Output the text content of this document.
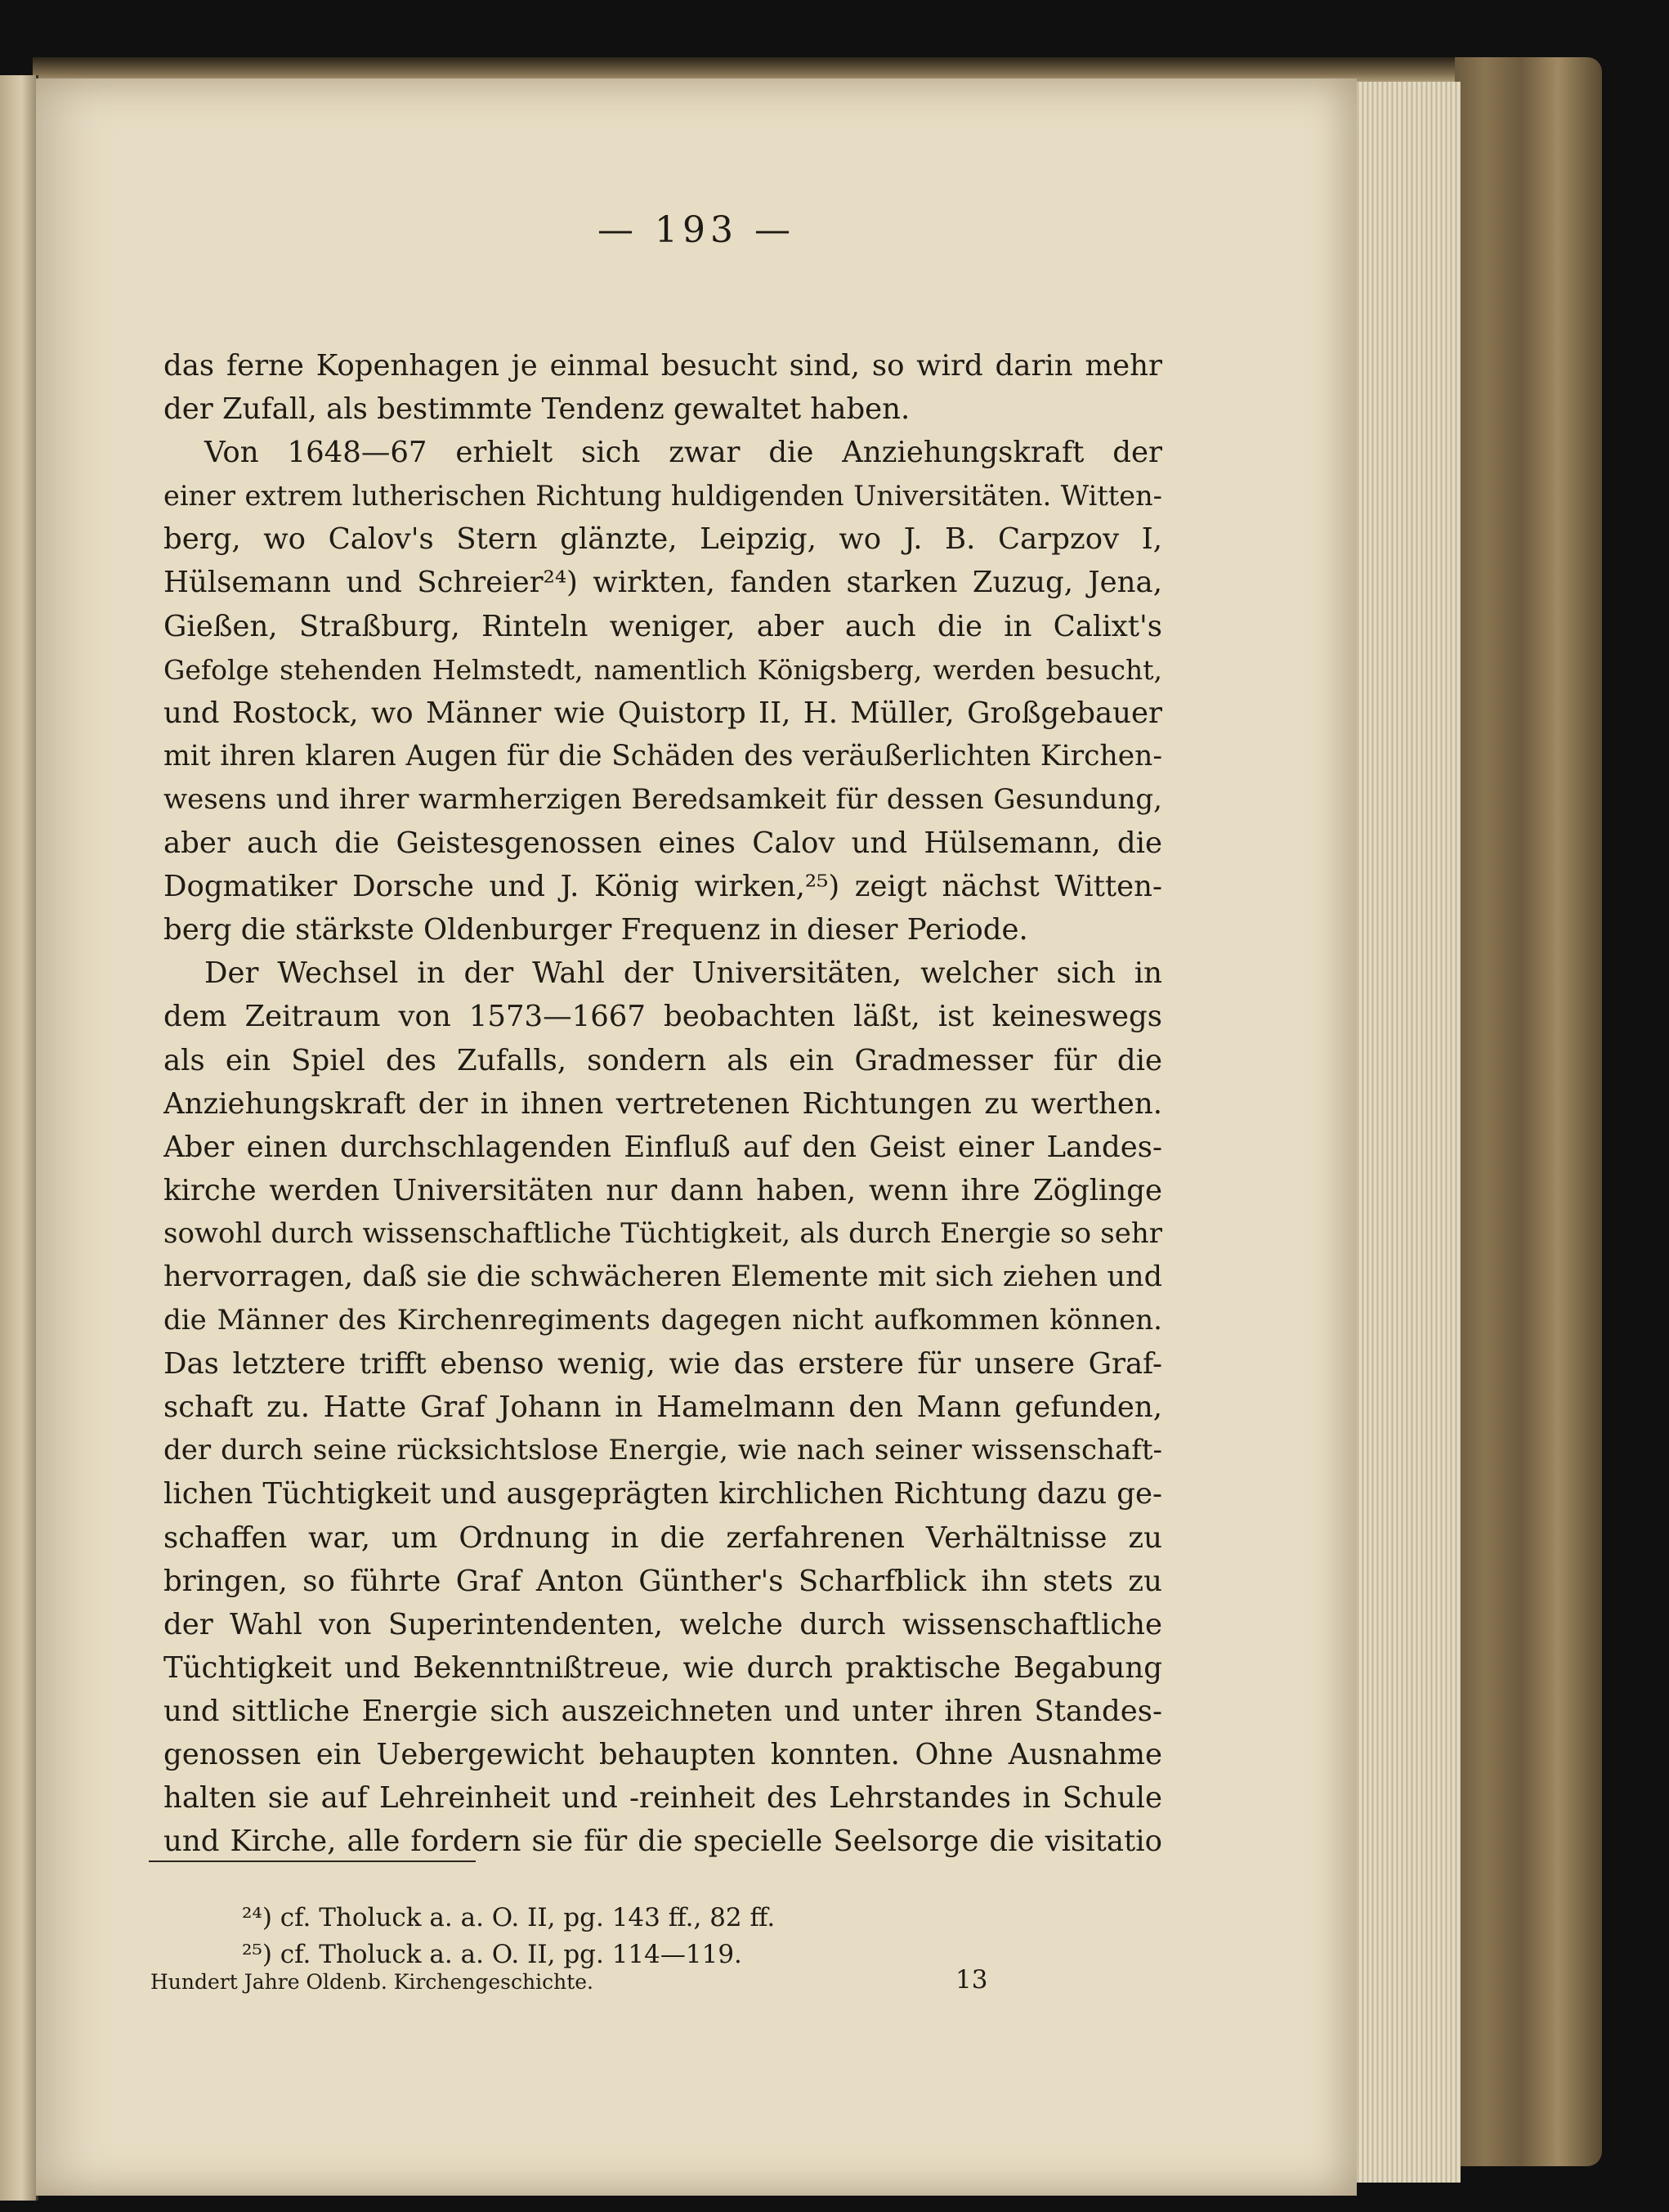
— 193 —
das ferne Kopenhagen je einmal besucht sind, so wird darin mehr
der Zufall, als bestimmte Tendenz gewaltet haben.
Von 1648—67 erhielt sich zwar die Anziehungskraft der
einer extrem lutherischen Richtung huldigenden Universitäten. Witten-
berg, wo Calov's Stern glänzte, Leipzig, wo J. B. Carpzov I,
Hülsemann und Schreier²⁴) wirkten, fanden starken Zuzug, Jena,
Gießen, Straßburg, Rinteln weniger, aber auch die in Calixt's
Gefolge stehenden Helmstedt, namentlich Königsberg, werden besucht,
und Rostock, wo Männer wie Quistorp II, H. Müller, Großgebauer
mit ihren klaren Augen für die Schäden des veräußerlichten Kirchen-
wesens und ihrer warmherzigen Beredsamkeit für dessen Gesundung,
aber auch die Geistesgenossen eines Calov und Hülsemann, die
Dogmatiker Dorsche und J. König wirken,²⁵) zeigt nächst Witten-
berg die stärkste Oldenburger Frequenz in dieser Periode.
Der Wechsel in der Wahl der Universitäten, welcher sich in
dem Zeitraum von 1573—1667 beobachten läßt, ist keineswegs
als ein Spiel des Zufalls, sondern als ein Gradmesser für die
Anziehungskraft der in ihnen vertretenen Richtungen zu werthen.
Aber einen durchschlagenden Einfluß auf den Geist einer Landes-
kirche werden Universitäten nur dann haben, wenn ihre Zöglinge
sowohl durch wissenschaftliche Tüchtigkeit, als durch Energie so sehr
hervorragen, daß sie die schwächeren Elemente mit sich ziehen und
die Männer des Kirchenregiments dagegen nicht aufkommen können.
Das letztere trifft ebenso wenig, wie das erstere für unsere Graf-
schaft zu. Hatte Graf Johann in Hamelmann den Mann gefunden,
der durch seine rücksichtslose Energie, wie nach seiner wissenschaft-
lichen Tüchtigkeit und ausgeprägten kirchlichen Richtung dazu ge-
schaffen war, um Ordnung in die zerfahrenen Verhältnisse zu
bringen, so führte Graf Anton Günther's Scharfblick ihn stets zu
der Wahl von Superintendenten, welche durch wissenschaftliche
Tüchtigkeit und Bekenntnißtreue, wie durch praktische Begabung
und sittliche Energie sich auszeichneten und unter ihren Standes-
genossen ein Uebergewicht behaupten konnten. Ohne Ausnahme
halten sie auf Lehreinheit und -reinheit des Lehrstandes in Schule
und Kirche, alle fordern sie für die specielle Seelsorge die visitatio
²⁴) cf. Tholuck a. a. O. II, pg. 143 ff., 82 ff.
²⁵) cf. Tholuck a. a. O. II, pg. 114—119.
Hundert Jahre Oldenb. Kirchengeschichte.	13
